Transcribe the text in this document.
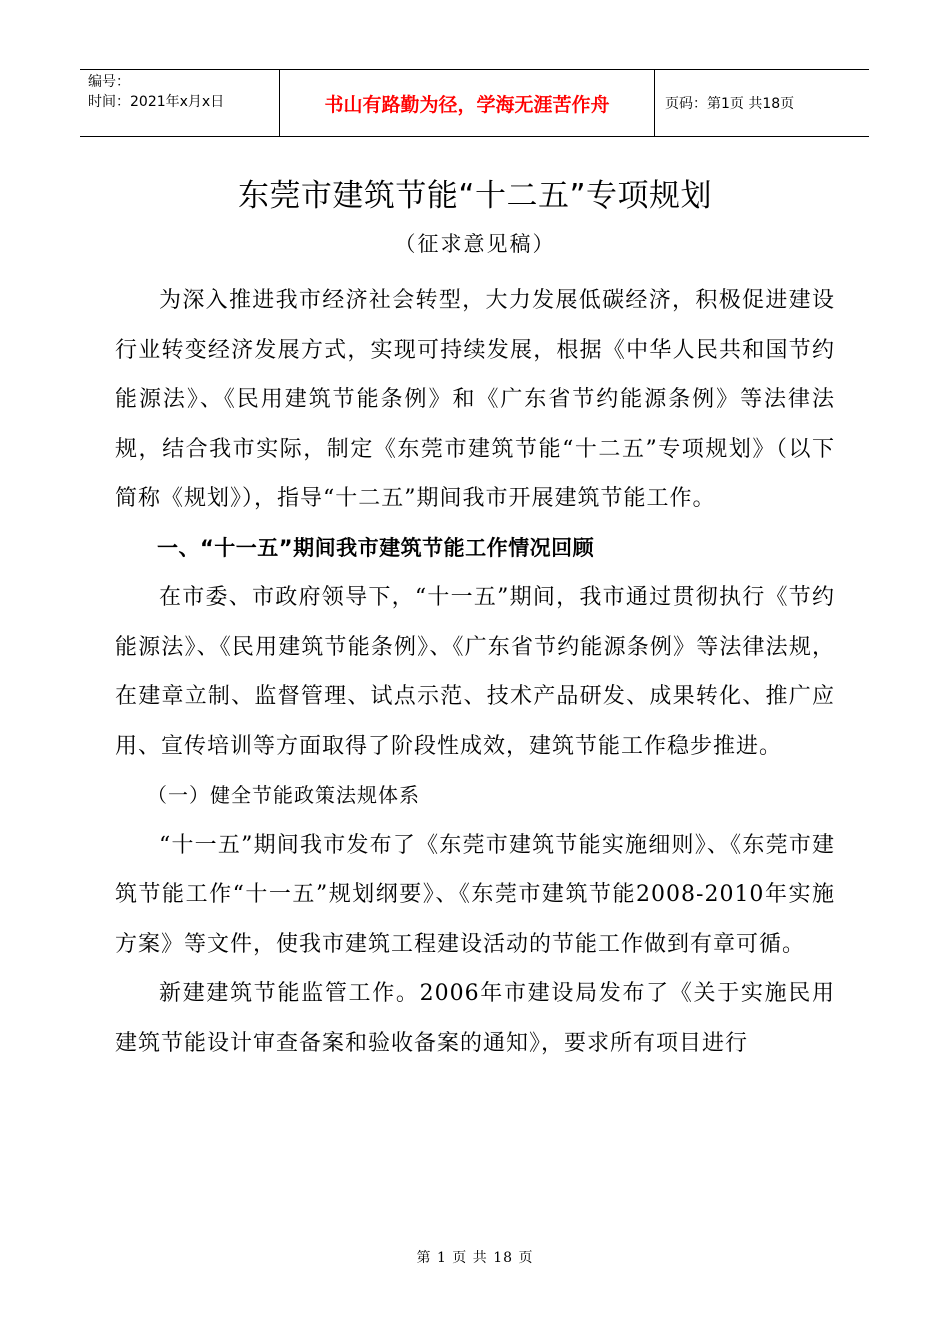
编号：
时间：2021年x月x日	书山有路勤为径，学海无涯苦作舟	页码：第1页 共18页
东莞市建筑节能“十二五”专项规划
（征求意见稿）

为深入推进我市经济社会转型，大力发展低碳经济，积极促进建设行业转变经济发展方式，实现可持续发展，根据《中华人民共和国节约能源法》、《民用建筑节能条例》和《广东省节约能源条例》等法律法规，结合我市实际，制定《东莞市建筑节能“十二五”专项规划》（以下简称《规划》），指导“十二五”期间我市开展建筑节能工作。

一、“十一五”期间我市建筑节能工作情况回顾

在市委、市政府领导下，“十一五”期间，我市通过贯彻执行《节约能源法》、《民用建筑节能条例》、《广东省节约能源条例》等法律法规，在建章立制、监督管理、试点示范、技术产品研发、成果转化、推广应用、宣传培训等方面取得了阶段性成效，建筑节能工作稳步推进。

（一）健全节能政策法规体系

“十一五”期间我市发布了《东莞市建筑节能实施细则》、《东莞市建筑节能工作“十一五”规划纲要》、《东莞市建筑节能2008-2010年实施方案》等文件，使我市建筑工程建设活动的节能工作做到有章可循。

新建建筑节能监管工作。2006年市建设局发布了《关于实施民用建筑节能设计审查备案和验收备案的通知》，要求所有项目进行

第 1 页 共 18 页
